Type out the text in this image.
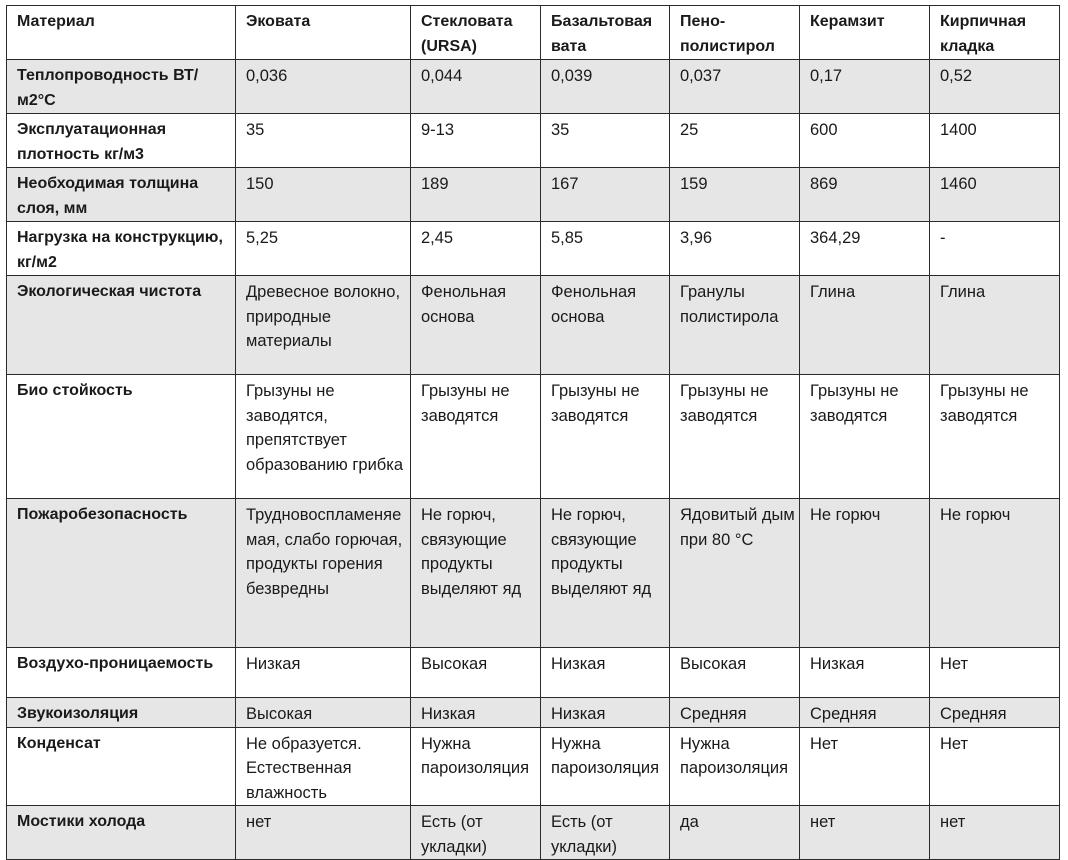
Материал	Эковата	Стекловата (URSA)	Базальтовая вата	Пено-полистирол	Керамзит	Кирпичная кладка
Теплопроводность ВТ/м2°С	0,036	0,044	0,039	0,037	0,17	0,52
Эксплуатационная плотность кг/м3	35	9-13	35	25	600	1400
Необходимая толщина слоя, мм	150	189	167	159	869	1460
Нагрузка на конструкцию, кг/м2	5,25	2,45	5,85	3,96	364,29	-
Экологическая чистота	Древесное волокно, природные материалы	Фенольная основа	Фенольная основа	Гранулы полистирола	Глина	Глина
Био стойкость	Грызуны не заводятся, препятствует образованию грибка	Грызуны не заводятся	Грызуны не заводятся	Грызуны не заводятся	Грызуны не заводятся	Грызуны не заводятся
Пожаробезопасность	Трудновоспламеняемая, слабо горючая, продукты горения безвредны	Не горюч, связующие продукты выделяют яд	Не горюч, связующие продукты выделяют яд	Ядовитый дым при 80 °С	Не горюч	Не горюч
Воздухо-проницаемость	Низкая	Высокая	Низкая	Высокая	Низкая	Нет
Звукоизоляция	Высокая	Низкая	Низкая	Средняя	Средняя	Средняя
Конденсат	Не образуется. Естественная влажность	Нужна пароизоляция	Нужна пароизоляция	Нужна пароизоляция	Нет	Нет
Мостики холода	нет	Есть (от укладки)	Есть (от укладки)	да	нет	нет
